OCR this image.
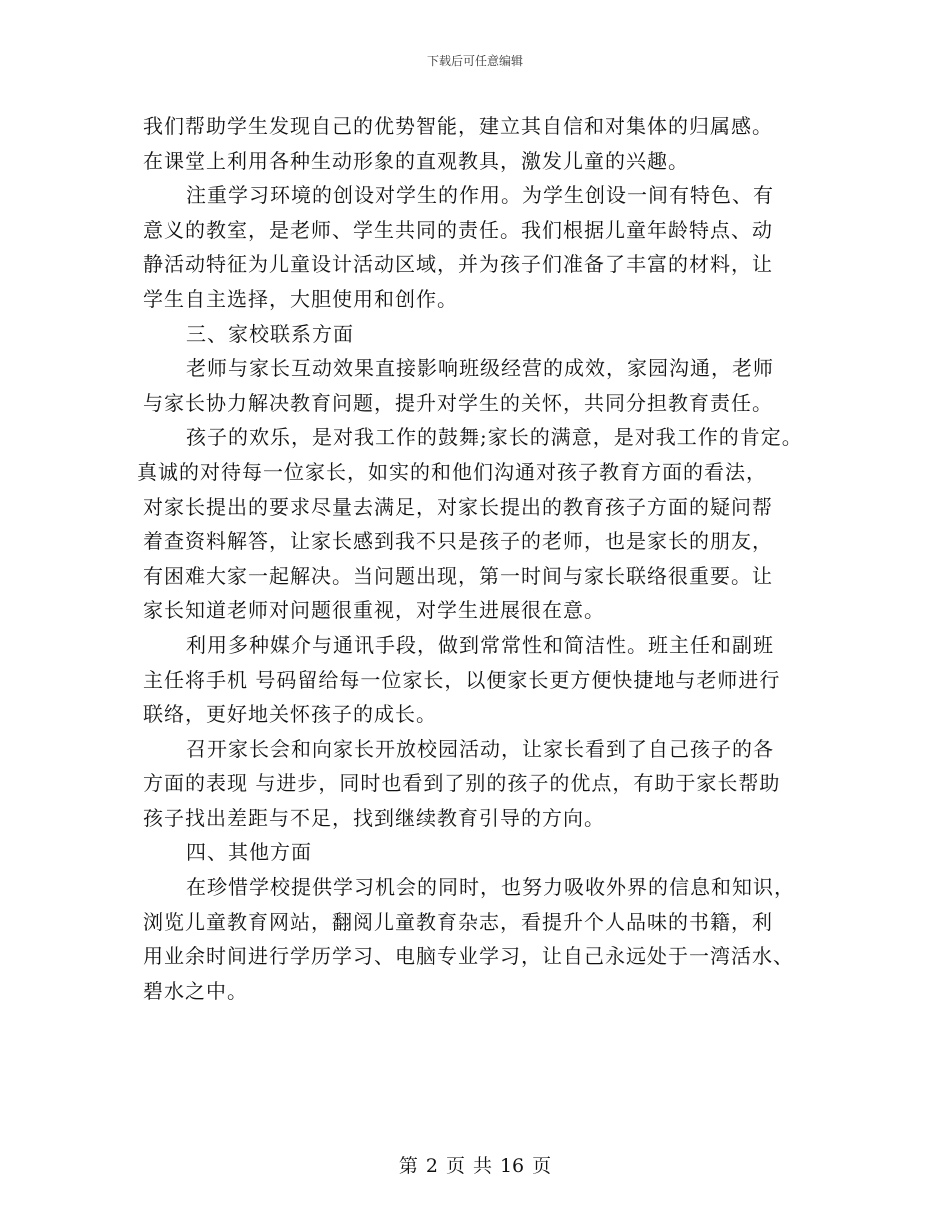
下载后可任意编辑
我们帮助学生发现自己的优势智能，建立其自信和对集体的归属感。
在课堂上利用各种生动形象的直观教具，激发儿童的兴趣。
注重学习环境的创设对学生的作用。为学生创设一间有特色、有
意义的教室，是老师、学生共同的责任。我们根据儿童年龄特点、动
静活动特征为儿童设计活动区域，并为孩子们准备了丰富的材料，让
学生自主选择，大胆使用和创作。
三、家校联系方面
老师与家长互动效果直接影响班级经营的成效，家园沟通，老师
与家长协力解决教育问题，提升对学生的关怀，共同分担教育责任。
孩子的欢乐，是对我工作的鼓舞;家长的满意，是对我工作的肯定。
真诚的对待每一位家长，如实的和他们沟通对孩子教育方面的看法，
对家长提出的要求尽量去满足，对家长提出的教育孩子方面的疑问帮
着查资料解答，让家长感到我不只是孩子的老师，也是家长的朋友，
有困难大家一起解决。当问题出现，第一时间与家长联络很重要。让
家长知道老师对问题很重视，对学生进展很在意。
利用多种媒介与通讯手段，做到常常性和简洁性。班主任和副班
主任将手机 号码留给每一位家长，以便家长更方便快捷地与老师进行
联络，更好地关怀孩子的成长。
召开家长会和向家长开放校园活动，让家长看到了自己孩子的各
方面的表现 与进步，同时也看到了别的孩子的优点，有助于家长帮助
孩子找出差距与不足，找到继续教育引导的方向。
四、其他方面
在珍惜学校提供学习机会的同时，也努力吸收外界的信息和知识，
浏览儿童教育网站，翻阅儿童教育杂志，看提升个人品味的书籍，利
用业余时间进行学历学习、电脑专业学习，让自己永远处于一湾活水、
碧水之中。
第 2 页 共 16 页
